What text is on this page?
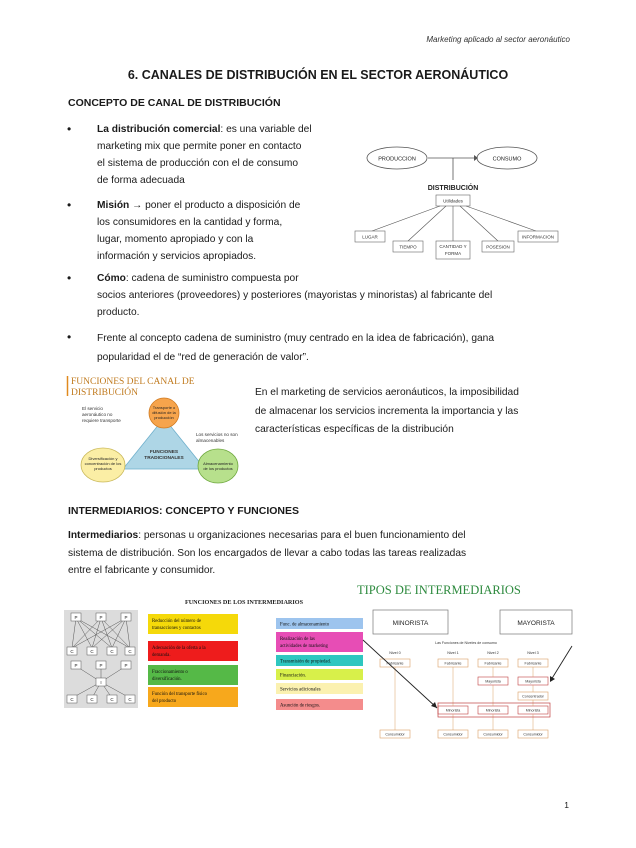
Marketing aplicado al sector aeronáutico
6. CANALES DE DISTRIBUCIÓN EN EL SECTOR AERONÁUTICO
CONCEPTO DE CANAL DE DISTRIBUCIÓN
•	La distribución comercial: es una variable del
marketing mix que permite poner en contacto
el sistema de producción con el de consumo
de forma adecuada
•	Misión → poner el producto a disposición de
los consumidores en la cantidad y forma,
lugar, momento apropiado y con la
información y servicios apropiados.
•	Cómo: cadena de suministro compuesta por
socios anteriores (proveedores) y posteriores (mayoristas y minoristas) al fabricante del
producto.
•	Frente al concepto cadena de suministro (muy centrado en la idea de fabricación), gana
popularidad el de “red de generación de valor”.
PRODUCCION	CONSUMO
DISTRIBUCIÓN
Utilidades
LUGAR
TIEMPO	CANTIDAD Y
FORMA
POSESION
INFORMACION
FUNCIONES DEL CANAL DE
DISTRIBUCIÓN
El servicio
aeronáutico no
requiere transporte
Los servicios no son
almacenables
FUNCIONES
TRADICIONALES
Transporte o
difusión de la
producción
Diversificación y
concentración de los
productos
Almacenamiento
de los productos
En el marketing de servicios aeronáuticos, la imposibilidad
de almacenar los servicios incrementa la importancia y las
características específicas de la distribución
INTERMEDIARIOS: CONCEPTO Y FUNCIONES
Intermediarios: personas u organizaciones necesarias para el buen funcionamiento del
sistema de distribución. Son los encargados de llevar a cabo todas las tareas realizadas
entre el fabricante y consumidor.
FUNCIONES DE LOS INTERMEDIARIOS
P	P	P
C	C	C	C
P	P	P
I
C	C	C	C
Reducción del número de
transacciones y contactos
Adecuación de la oferta a la
demanda.
Fraccionamiento o
diversificación.
Función del transporte físico
del producto
Func. de almacenamiento
Realización de las
actividades de marketing
Transmisión de propiedad.
Financiación.
Servicios adicionales
Asunción de riesgos.
TIPOS DE INTERMEDIARIOS
MINORISTA	MAYORISTA
Las Funciones de Niveles de consumo
Nivel 0	Nivel 1	Nivel 2	Nivel 3
Fabricante	Fabricante	Fabricante	Fabricante
Mayorista
Mayorista
Concentrador
Minorista	Minorista	Minorista
Consumidor	Consumidor	Consumidor	Consumidor
1
